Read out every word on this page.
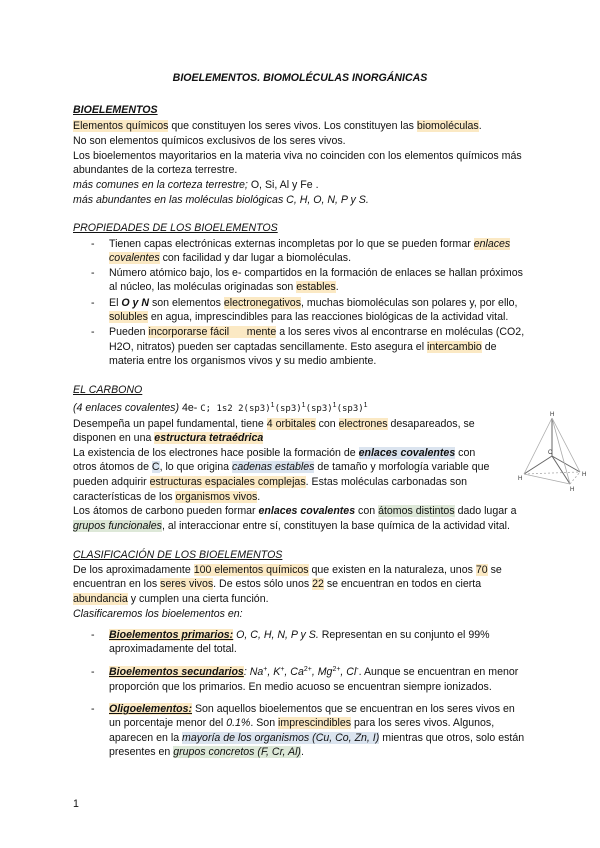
BIOELEMENTOS. BIOMOLÉCULAS INORGÁNICAS
BIOELEMENTOS
Elementos químicos que constituyen los seres vivos. Los constituyen las biomoléculas.
No son elementos químicos exclusivos de los seres vivos.
Los bioelementos mayoritarios en la materia viva no coinciden con los elementos químicos más
abundantes de la corteza terrestre.
más comunes en la corteza terrestre; O, Si, Al y Fe .
más abundantes en las moléculas biológicas C, H, O, N, P y S.
PROPIEDADES DE LOS BIOELEMENTOS
- Tienen capas electrónicas externas incompletas por lo que se pueden formar enlaces
covalentes con facilidad y dar lugar a biomoléculas.
- Número atómico bajo, los e- compartidos en la formación de enlaces se hallan próximos
al núcleo, las moléculas originadas son estables.
- El O y N son elementos electronegativos, muchas biomoléculas son polares y, por ello,
solubles en agua, imprescindibles para las reacciones biológicas de la actividad vital.
- Pueden incorporarse fácil      mente a los seres vivos al encontrarse en moléculas (CO2,
H2O, nitratos) pueden ser captadas sencillamente. Esto asegura el intercambio de
materia entre los organismos vivos y su medio ambiente.
EL CARBONO
(4 enlaces covalentes) 4e- C; 1s2 $2(sp3)^1(sp3)^1(sp3)^1(sp3)^1$
Desempeña un papel fundamental, tiene 4 orbitales con electrones desapareados, se
disponen en una estructura tetraédrica
La existencia de los electrones hace posible la formación de enlaces covalentes con
otros átomos de C, lo que origina cadenas estables de tamaño y morfología variable que
pueden adquirir estructuras espaciales complejas. Estas moléculas carbonadas son
características de los organismos vivos.
Los átomos de carbono pueden formar enlaces covalentes con átomos distintos dado lugar a
grupos funcionales, al interaccionar entre sí, constituyen la base química de la actividad vital.
C
H
H
H
H
CLASIFICACIÓN DE LOS BIOELEMENTOS
De los aproximadamente 100 elementos químicos que existen en la naturaleza, unos 70 se
encuentran en los seres vivos. De estos sólo unos 22 se encuentran en todos en cierta
abundancia y cumplen una cierta función.
Clasificaremos los bioelementos en:
- Bioelementos primarios: O, C, H, N, P y S. Representan en su conjunto el 99%
aproximadamente del total.
- Bioelementos secundarios: Na+, K+, $Ca^{2+}$, $Mg^{2+}$, Cl-. Aunque se encuentran en menor
proporción que los primarios. En medio acuoso se encuentran siempre ionizados.
- Oligoelementos: Son aquellos bioelementos que se encuentran en los seres vivos en
un porcentaje menor del 0.1%. Son imprescindibles para los seres vivos. Algunos,
aparecen en la mayoría de los organismos (Cu, Co, Zn, I) mientras que otros, solo están
presentes en grupos concretos (F, Cr, Al).
1
